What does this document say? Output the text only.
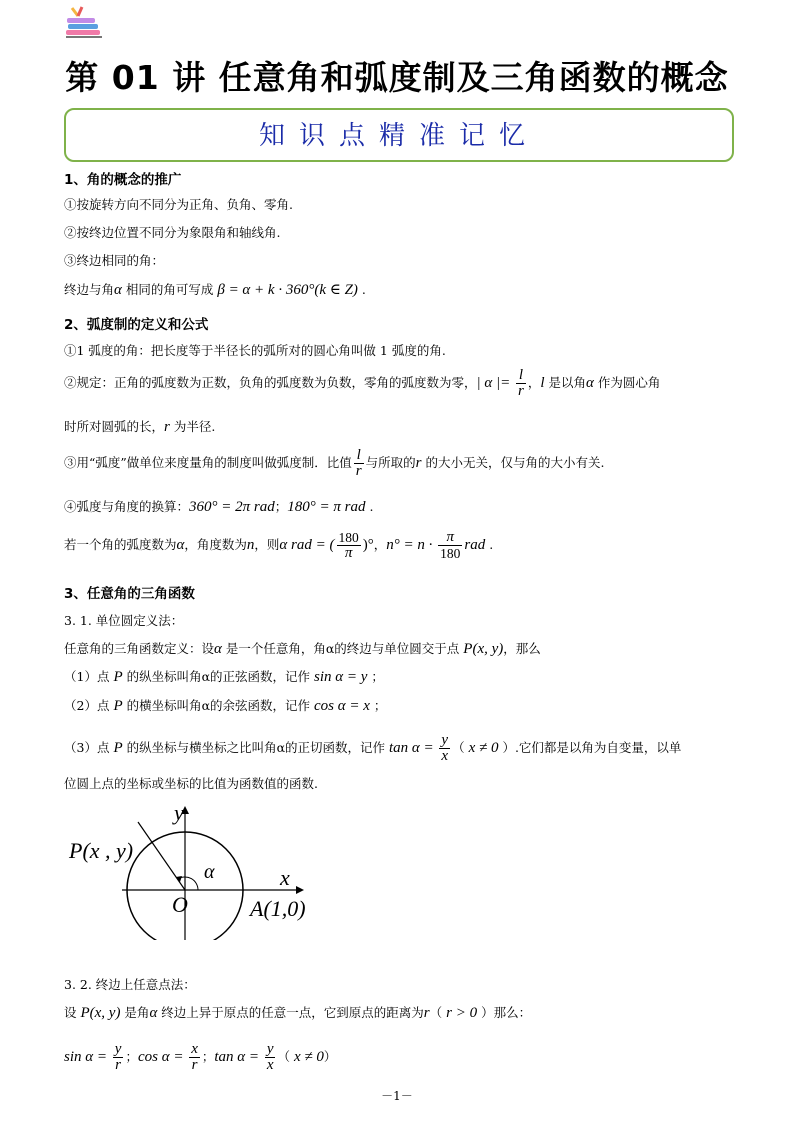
第 01 讲 任意角和弧度制及三角函数的概念
知识点精准记忆
1、角的概念的推广
①按旋转方向不同分为正角、负角、零角.
②按终边位置不同分为象限角和轴线角.
③终边相同的角：
终边与角α 相同的角可写成 β = α + k · 360°(k ∈ Z) .
2、弧度制的定义和公式
①1 弧度的角：把长度等于半径长的弧所对的圆心角叫做 1 弧度的角.
②规定：正角的弧度数为正数，负角的弧度数为负数，零角的弧度数为零，| α |= $\frac{l}{r}$ ，l 是以角α 作为圆心角
时所对圆弧的长，r 为半径.
③用“弧度”做单位来度量角的制度叫做弧度制．比值 $\frac{l}{r}$ 与所取的r 的大小无关，仅与角的大小有关.
④弧度与角度的换算：360° = 2π rad；180° = π rad .
若一个角的弧度数为α，角度数为n，则α rad = ( $\frac{180}{\pi}$ )°，$n^\circ = n \cdot \frac{\pi}{180}$ rad .
3、任意角的三角函数
3. 1. 单位圆定义法：
任意角的三角函数定义：设α 是一个任意角，角α的终边与单位圆交于点 P(x, y)，那么
（1）点 P 的纵坐标叫角α的正弦函数，记作 sin α = y ；
（2）点 P 的横坐标叫角α的余弦函数，记作 cos α = x ；
（3）点 P 的纵坐标与横坐标之比叫角α的正切函数，记作 $\tan \alpha = \frac{y}{x}$ （ x ≠ 0 ）.它们都是以角为自变量，以单
位圆上点的坐标或坐标的比值为函数值的函数.
P(x , y)
y
x
α
O	A(1,0)
3. 2. 终边上任意点法：
设 P(x, y) 是角α 终边上异于原点的任意一点，它到原点的距离为r（ r > 0 ）那么：
$\sin \alpha = \frac{y}{r}$ ；$\cos \alpha = \frac{x}{r}$ ；$\tan \alpha = \frac{y}{x}$ （ x ≠ 0）
－1－
